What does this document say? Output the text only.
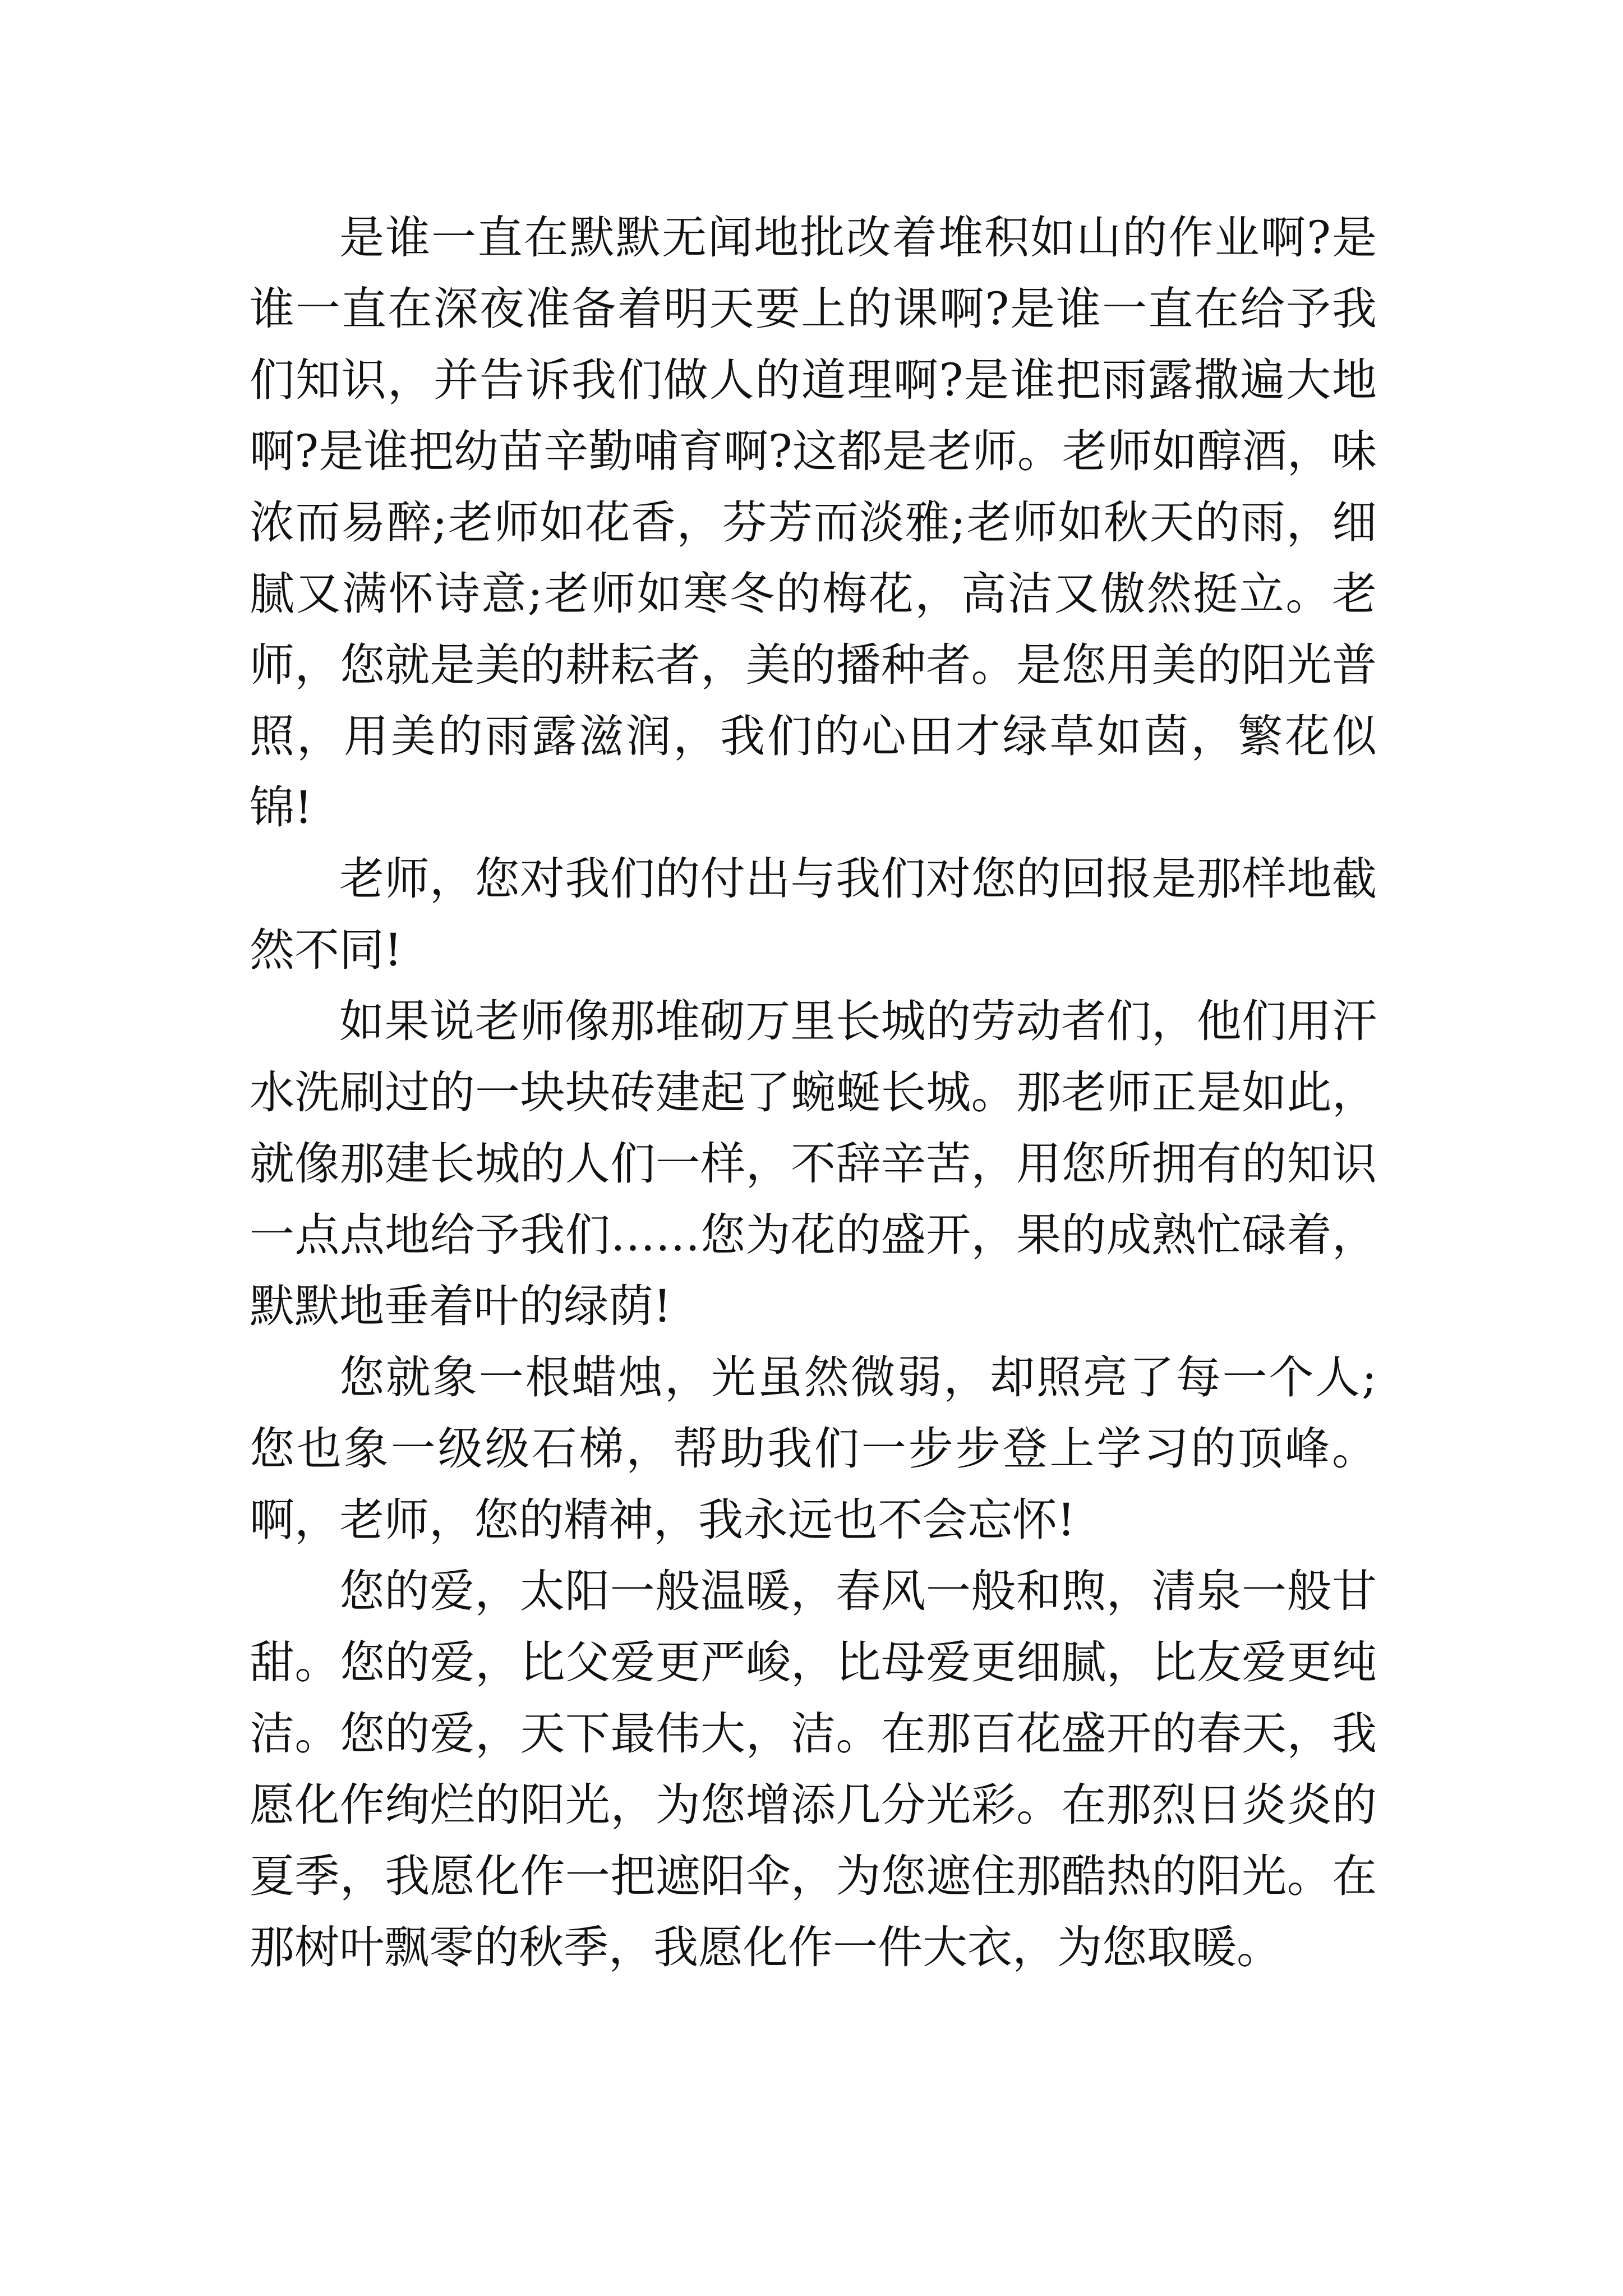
是谁一直在默默无闻地批改着堆积如山的作业啊?是谁一直在深夜准备着明天要上的课啊?是谁一直在给予我们知识，并告诉我们做人的道理啊?是谁把雨露撒遍大地啊?是谁把幼苗辛勤哺育啊?这都是老师。老师如醇酒，味浓而易醉;老师如花香，芬芳而淡雅;老师如秋天的雨，细腻又满怀诗意;老师如寒冬的梅花，高洁又傲然挺立。老师，您就是美的耕耘者，美的播种者。是您用美的阳光普照，用美的雨露滋润，我们的心田才绿草如茵，繁花似锦!

老师，您对我们的付出与我们对您的回报是那样地截然不同!

如果说老师像那堆砌万里长城的劳动者们，他们用汗水洗刷过的一块块砖建起了蜿蜒长城。那老师正是如此，就像那建长城的人们一样，不辞辛苦，用您所拥有的知识一点点地给予我们……您为花的盛开，果的成熟忙碌着，默默地垂着叶的绿荫!

您就象一根蜡烛，光虽然微弱，却照亮了每一个人;您也象一级级石梯，帮助我们一步步登上学习的顶峰。啊，老师，您的精神，我永远也不会忘怀!

您的爱，太阳一般温暖，春风一般和煦，清泉一般甘甜。您的爱，比父爱更严峻，比母爱更细腻，比友爱更纯洁。您的爱，天下最伟大，洁。在那百花盛开的春天，我愿化作绚烂的阳光，为您增添几分光彩。在那烈日炎炎的夏季，我愿化作一把遮阳伞，为您遮住那酷热的阳光。在那树叶飘零的秋季，我愿化作一件大衣，为您取暖。
